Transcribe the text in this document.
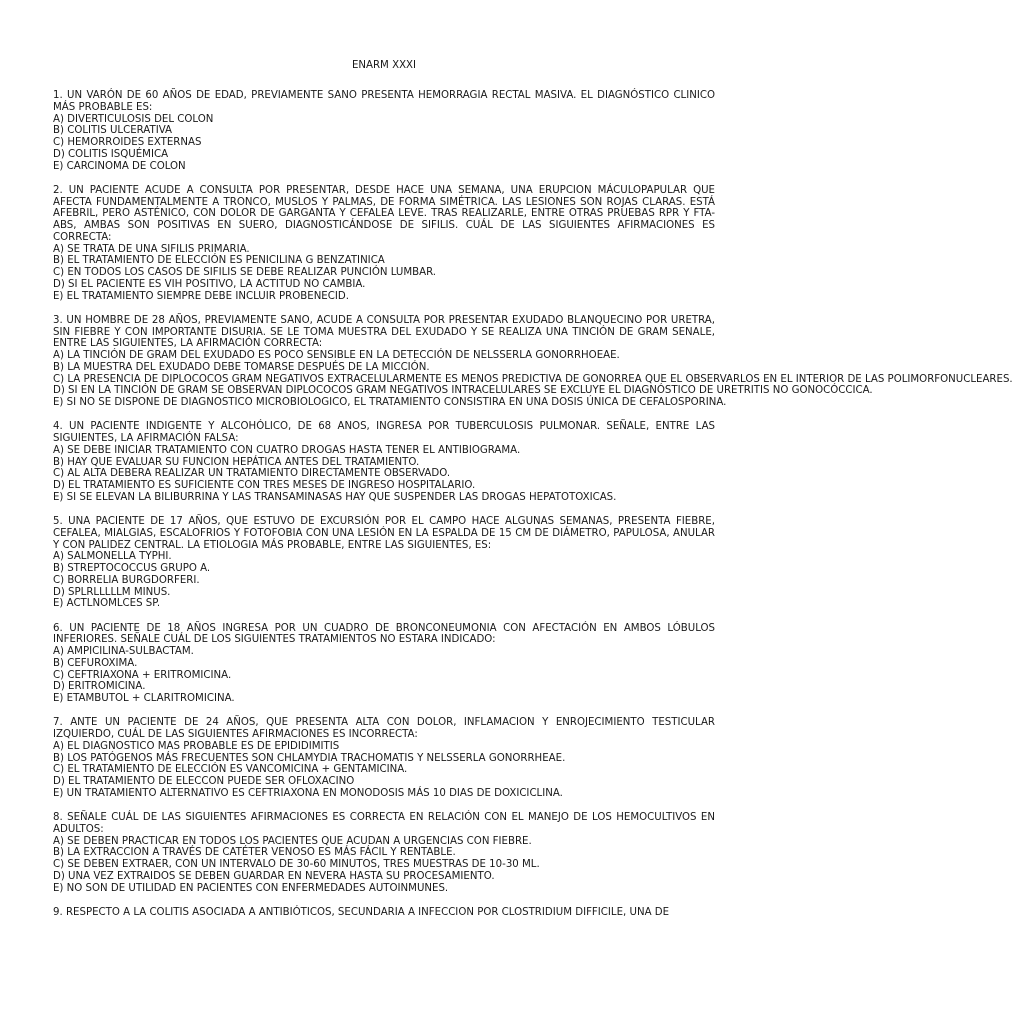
ENARM XXXI
1. UN VARÓN DE 60 AÑOS DE EDAD, PREVIAMENTE SANO PRESENTA HEMORRAGIA RECTAL MASIVA. EL DIAGNÓSTICO CLINICO MÁS PROBABLE ES:
A) DIVERTICULOSIS DEL COLON
B) COLITIS ULCERATIVA
C) HEMORROIDES EXTERNAS
D) COLITIS ISQUÉMICA
E) CARCINOMA DE COLON
2. UN PACIENTE ACUDE A CONSULTA POR PRESENTAR, DESDE HACE UNA SEMANA, UNA ERUPCION MÁCULOPAPULAR QUE AFECTA FUNDAMENTALMENTE A TRONCO, MUSLOS Y PALMAS, DE FORMA SIMÉTRICA. LAS LESIONES SON ROJAS CLARAS. ESTÁ AFEBRIL, PERO ASTÉNICO, CON DOLOR DE GARGANTA Y CEFALEA LEVE. TRAS REALIZARLE, ENTRE OTRAS PRUEBAS RPR Y FTA-ABS, AMBAS SON POSITIVAS EN SUERO, DIAGNOSTICÁNDOSE DE SIFILIS. CUÁL DE LAS SIGUIENTES AFIRMACIONES ES CORRECTA:
A) SE TRATA DE UNA SIFILIS PRIMARIA.
B) EL TRATAMIENTO DE ELECCIÓN ES PENICILINA G BENZATINICA
C) EN TODOS LOS CASOS DE SIFILIS SE DEBE REALIZAR PUNCIÓN LUMBAR.
D) SI EL PACIENTE ES VIH POSITIVO, LA ACTITUD NO CAMBIA.
E) EL TRATAMIENTO SIEMPRE DEBE INCLUIR PROBENECID.
3. UN HOMBRE DE 28 AÑOS, PREVIAMENTE SANO, ACUDE A CONSULTA POR PRESENTAR EXUDADO BLANQUECINO POR URETRA, SIN FIEBRE Y CON IMPORTANTE DISURIA. SE LE TOMA MUESTRA DEL EXUDADO Y SE REALIZA UNA TINCIÓN DE GRAM SENALE, ENTRE LAS SIGUIENTES, LA AFIRMACIÓN CORRECTA:
A) LA TINCIÓN DE GRAM DEL EXUDADO ES POCO SENSIBLE EN LA DETECCIÓN DE NELSSERLA GONORRHOEAE.
B) LA MUESTRA DEL EXUDADO DEBE TOMARSE DESPUÉS DE LA MICCIÓN.
C) LA PRESENCIA DE DIPLOCOCOS GRAM NEGATIVOS EXTRACELULARMENTE ES MENOS PREDICTIVA DE GONORREA QUE EL OBSERVARLOS EN EL INTERIOR DE LAS POLIMORFONUCLEARES.
D) SI EN LA TINCIÓN DE GRAM SE OBSERVAN DIPLOCOCOS GRAM NEGATIVOS INTRACELULARES SE EXCLUYE EL DIAGNÓSTICO DE URETRITIS NO GONOCÓCCICA.
E) SI NO SE DISPONE DE DIAGNOSTICO MICROBIOLOGICO, EL TRATAMIENTO CONSISTIRA EN UNA DOSIS ÚNICA DE CEFALOSPORINA.
4. UN PACIENTE INDIGENTE Y ALCOHÓLICO, DE 68 ANOS, INGRESA POR TUBERCULOSIS PULMONAR. SEÑALE, ENTRE LAS SIGUIENTES, LA AFIRMACIÓN FALSA:
A) SE DEBE INICIAR TRATAMIENTO CON CUATRO DROGAS HASTA TENER EL ANTIBIOGRAMA.
B) HAY QUE EVALUAR SU FUNCION HEPÁTICA ANTES DEL TRATAMIENTO.
C) AL ALTA DEBERA REALIZAR UN TRATAMIENTO DIRECTAMENTE OBSERVADO.
D) EL TRATAMIENTO ES SUFICIENTE CON TRES MESES DE INGRESO HOSPITALARIO.
E) SI SE ELEVAN LA BILIBURRINA Y LAS TRANSAMINASAS HAY QUE SUSPENDER LAS DROGAS HEPATOTOXICAS.
5. UNA PACIENTE DE 17 AÑOS, QUE ESTUVO DE EXCURSIÓN POR EL CAMPO HACE ALGUNAS SEMANAS, PRESENTA FIEBRE, CEFALEA, MIALGIAS, ESCALOFRIOS Y FOTOFOBIA CON UNA LESIÓN EN LA ESPALDA DE 15 CM DE DIÁMETRO, PAPULOSA, ANULAR Y CON PALIDEZ CENTRAL. LA ETIOLOGIA MÁS PROBABLE, ENTRE LAS SIGUIENTES, ES:
A) SALMONELLA TYPHI.
B) STREPTOCOCCUS GRUPO A.
C) BORRELIA BURGDORFERI.
D) SPLRLLLLLM MINUS.
E) ACTLNOMLCES SP.
6. UN PACIENTE DE 18 AÑOS INGRESA POR UN CUADRO DE BRONCONEUMONIA CON AFECTACIÓN EN AMBOS LÓBULOS INFERIORES. SEÑALE CUÁL DE LOS SIGUIENTES TRATAMIENTOS NO ESTARA INDICADO:
A) AMPICILINA-SULBACTAM.
B) CEFUROXIMA.
C) CEFTRIAXONA + ERITROMICINA.
D) ERITROMICINA.
E) ETAMBUTOL + CLARITROMICINA.
7. ANTE UN PACIENTE DE 24 AÑOS, QUE PRESENTA ALTA CON DOLOR, INFLAMACION Y ENROJECIMIENTO TESTICULAR IZQUIERDO, CUÁL DE LAS SIGUIENTES AFIRMACIONES ES INCORRECTA:
A) EL DIAGNOSTICO MAS PROBABLE ES DE EPIDIDIMITIS
B) LOS PATÓGENOS MÁS FRECUENTES SON CHLAMYDIA TRACHOMATIS Y NELSSERLA GONORRHEAE.
C) EL TRATAMIENTO DE ELECCIÓN ES VANCOMICINA + GENTAMICINA.
D) EL TRATAMIENTO DE ELECCON PUEDE SER OFLOXACINO
E) UN TRATAMIENTO ALTERNATIVO ES CEFTRIAXONA EN MONODOSIS MÁS 10 DIAS DE DOXICICLINA.
8. SEÑALE CUÁL DE LAS SIGUIENTES AFIRMACIONES ES CORRECTA EN RELACIÓN CON EL MANEJO DE LOS HEMOCULTIVOS EN ADULTOS:
A) SE DEBEN PRACTICAR EN TODOS LOS PACIENTES QUE ACUDAN A URGENCIAS CON FIEBRE.
B) LA EXTRACCION A TRAVÉS DE CATÉTER VENOSO ES MÁS FÁCIL Y RENTABLE.
C) SE DEBEN EXTRAER, CON UN INTERVALO DE 30-60 MINUTOS, TRES MUESTRAS DE 10-30 ML.
D) UNA VEZ EXTRAIDOS SE DEBEN GUARDAR EN NEVERA HASTA SU PROCESAMIENTO.
E) NO SON DE UTILIDAD EN PACIENTES CON ENFERMEDADES AUTOINMUNES.
9. RESPECTO A LA COLITIS ASOCIADA A ANTIBIÓTICOS, SECUNDARIA A INFECCION POR CLOSTRIDIUM DIFFICILE, UNA DE
